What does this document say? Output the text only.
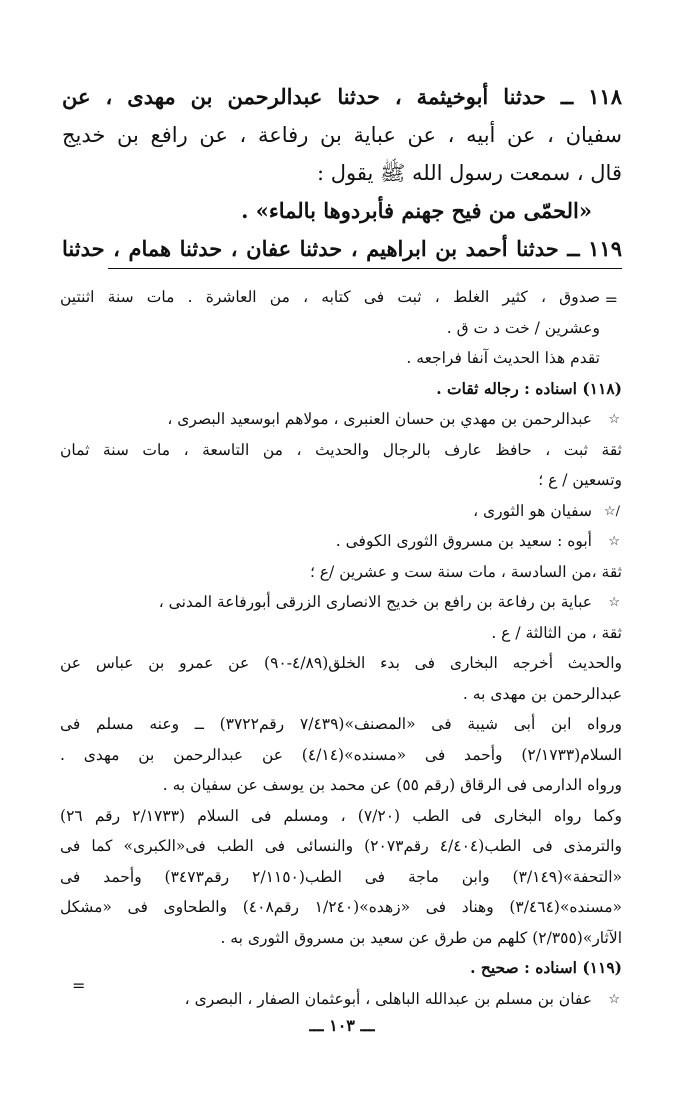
١١٨ ــ حدثنا أبوخيثمة ، حدثنا عبدالرحمن بن مهدى ، عن
سفيان ، عن أبيه ، عن عباية بن رفاعة ، عن رافع بن خديج
قال ، سمعت رسول الله ﷺ يقول :
«الحمّى من فيح جهنم فأبردوها بالماء» .
١١٩ ــ حدثنا أحمد بن ابراهيم ، حدثنا عفان ، حدثنا همام ، حدثنا
=
صدوق ، كثير الغلط ، ثبت فى كتابه ، من العاشرة . مات سنة اثنتين
وعشرين / خت د ت ق .
تقدم هذا الحديث آنفا فراجعه .
(١١٨) اسناده : رجاله ثقات .
عبدالرحمن بن مهدي بن حسان العنبرى ، مولاهم ابوسعيد البصرى ،
ثقة ثبت ، حافظ عارف بالرجال والحديث ، من التاسعة ، مات سنة ثمان
وتسعين / ع ؛
سفيان هو الثورى ،
أبوه : سعيد بن مسروق الثورى الكوفى .
ثقة ،من السادسة ، مات سنة ست و عشرين /ع ؛
عباية بن رفاعة بن رافع بن خديج الانصارى الزرقى أبورفاعة المدنى ،
ثقة ، من الثالثة / ع .
والحديث أخرجه البخارى فى بدء الخلق(٤/٨٩-٩٠) عن عمرو بن عباس عن
عبدالرحمن بن مهدى به .
ورواه ابن أبى شيبة فى «المصنف»(٧/٤٣٩ رقم٣٧٢٢) ــ وعنه مسلم فى
السلام(٢/١٧٣٣) وأحمد فى «مسنده»(٤/١٤) عن عبدالرحمن بن مهدى .
ورواه الدارمى فى الرقاق (رقم ٥٥) عن محمد بن يوسف عن سفيان به .
وكما رواه البخارى فى الطب (٧/٢٠) ، ومسلم فى السلام (٢/١٧٣٣ رقم ٢٦)
والترمذى فى الطب(٤/٤٠٤ رقم٢٠٧٣) والنسائى فى الطب فى«الكبرى» كما فى
«التحفة»(٣/١٤٩) وابن ماجة فى الطب(٢/١١٥٠ رقم٣٤٧٣) وأحمد فى
«مسنده»(٣/٤٦٤) وهناد فى «زهده»(١/٢٤٠ رقم٤٠٨) والطحاوى فى «مشكل
الآثار»(٢/٣٥٥) كلهم من طرق عن سعيد بن مسروق الثورى به .
(١١٩) اسناده : صحيح .
عفان بن مسلم بن عبدالله الباهلى ، أبوعثمان الصفار ، البصرى ،
☆
☆/
☆
☆
☆
=
ـــ ١٠٣ ـــ
